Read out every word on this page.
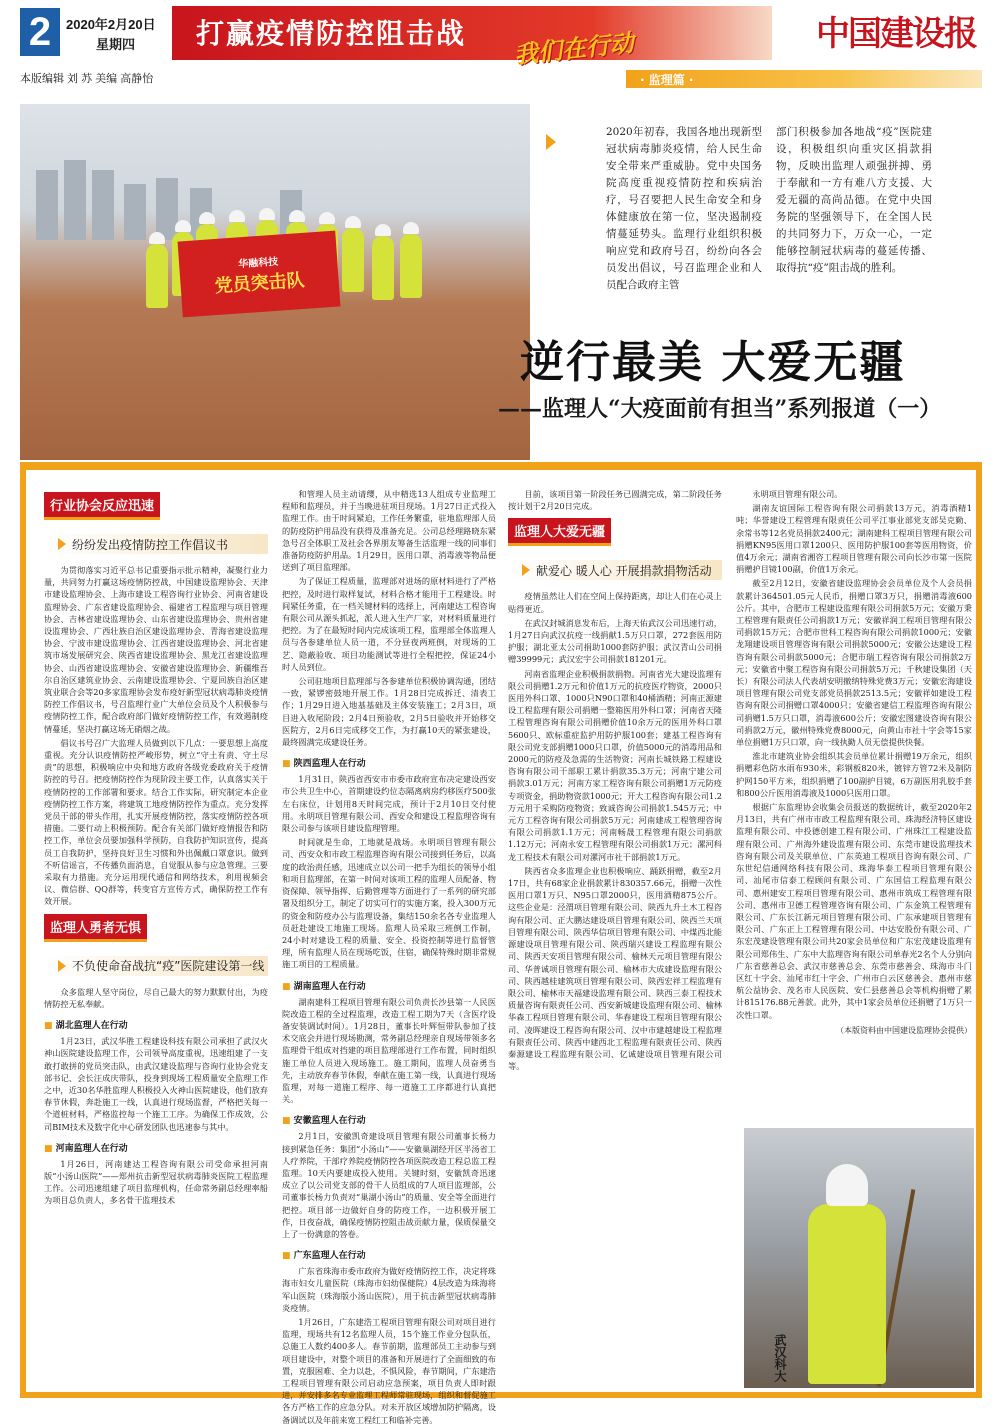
2	2020年2月20日
星期四 打赢疫情防控阻击战 我们在行动	中国建设报
本版编辑 刘 苏 美编 高静怡	· 监理篇 ·
华融科技
党员突击队
2020年初春，我国各地出现新型冠状病毒肺炎疫情，给人民生命安全带来严重威胁。党中央国务院高度重视疫情防控和疾病治疗，号召要把人民生命安全和身体健康放在第一位，坚决遏制疫情蔓延势头。监理行业组织积极响应党和政府号召，纷纷向各会员发出倡议，号召监理企业和人员配合政府主管
部门积极参加各地战“疫”医院建设，积极组织向重灾区捐款捐物，反映出监理人顽强拼搏、勇于奉献和一方有难八方支援、大爱无疆的高尚品德。在党中央国务院的坚强领导下，在全国人民的共同努力下，万众一心，一定能够控制冠状病毒的蔓延传播、取得抗“疫”阻击战的胜利。
逆行最美 大爱无疆
——监理人“大疫面前有担当”系列报道（一）
行业协会反应迅速
纷纷发出疫情防控工作倡议书

为贯彻落实习近平总书记重要指示批示精神，凝聚行业力量，共同努力打赢这场疫情防控战，中国建设监理协会、天津市建设监理协会、上海市建设工程咨询行业协会、河南省建设监理协会、广东省建设监理协会、福建省工程监理与项目管理协会、吉林省建设监理协会、山东省建设监理协会、贵州省建设监理协会、广西壮族自治区建设监理协会、青海省建设监理协会、宁波市建设监理协会、江西省建设监理协会、河北省建筑市场发展研究会、陕西省建设监理协会、黑龙江省建设监理协会、山西省建设监理协会、安徽省建设监理协会、新疆维吾尔自治区建筑业协会、云南建设监理协会、宁夏回族自治区建筑业联合会等20多家监理协会发布疫好新型冠状病毒肺炎疫情防控工作倡议书，号召监理行业广大单位会员及个人积极参与疫情防控工作，配合政府部门做好疫情防控工作，有效遏制疫情蔓延，坚决打赢这场无硝烟之战。

倡议书号召广大监理人员做到以下几点：一要思想上高度重视。充分认识疫情防控严峻形势，树立“守土有责、守土尽责”的思想，积极响应中央和地方政府各级党委政府关于疫情防控的号召。把疫情防控作为现阶段主要工作，认真落实关于疫情防控的工作部署和要求。结合工作实际，研究制定本企业疫情防控工作方案，将建筑工地疫情防控作为重点。充分发挥党员干部的带头作用，扎实开展疫情防控，落实疫情防控各项措施。二要行动上积极预防。配合有关部门做好疫情报告和防控工作，单位会员要加强科学预防，自我防护知识宣传，提高员工自我防护，坚持良好卫生习惯和外出佩戴口罩意识。做到不听信谣言，不传播负面消息，自觉服从参与应急管理。三要采取有力措施。充分运用现代通信和网络技术，利用视频会议、微信群、QQ群等，转变官方宣传方式，确保防控工作有效开展。

监理人勇者无惧
不负使命奋战抗“疫”医院建设第一线

众多监理人坚守岗位，尽自己最大的努力默默付出，为疫情防控无私奉献。

■ 湖北监理人在行动

1月23日，武汉华胜工程建设科技有限公司承担了武汉火神山医院建设监理工作，公司领导高度重视，迅速组建了一支敢打敢拼的党员突击队，由武汉建设监理与咨询行业协会党支部书记、会长汪成庆带队，投身到现场工程质量安全监理工作之中，近30名华胜监理人积极投入火神山医院建设，他们放弃春节休假，奔赴施工一线，认真进行现场监督，严格把关每一个道桩材料，严格监控每一个施工工序。为确保工作成效，公司BIM技术及数字化中心研发团队也迅速参与其中。

■ 河南监理人在行动

1月26日，河南建达工程咨询有限公司受命承担河南版“小汤山医院”——郑州抗击新型冠状病毒肺炎医院工程监理工作。公司迅速组建了项目监理机构，任命常务副总经理率船为项目总负责人，多名骨干监理技术

和管理人员主动请缨，从中精选13人组成专业监理工程师和监理员，并于当晚进驻项目现场。1月27日正式投入监理工作。由于时间紧迫，工作任务繁重，驻地监理部人员的防疫防护用品没有获得及准备充足。公司总经理路晓东紧急号召全体职工及社会各界朋友筹备生活监理一线的同事们准备防疫防护用品。1月29日，医用口罩、消毒液等物品便送到了项目监理部。

为了保证工程质量，监理部对进场的原材料进行了严格把控，及时进行取样复试，材料合格才能用于工程建设。时间紧任务重，在一档关键材料的选择上，河南建达工程咨询有限公司从源头抓起，派人进入生产厂家，对材料质量进行把控。为了在最短时间内完成该项工程，监理部全体监理人员与各参建单位人员一道，不分昼夜两班倒，对现场的工艺、隐蔽验收、项目功能测试等进行全程把控，保证24小时人员到位。

公司驻地项目监理部与各参建单位积极协调沟通，团结一致，紧锣密鼓地开展工作。1月28日完成拆迁、清表工作；1月29日进入地基基础及主体安装施工；2月3日，项目进入收尾阶段；2月4日预验收，2月5日验收并开始移交医院方，2月6日完成移交工作，为打赢10天的紧张建设，最终圆满完成建设任务。

■ 陕西监理人在行动

1月31日，陕西省西安市市委市政府宣布决定建设西安市公共卫生中心，首期建设约位态隔离病房约移医疗500张左右床位，计划用8天时间完成，预计于2月10日交付使用。永明项目管理有限公司、西安众和建设工程监理咨询有限公司参与该项目建设监理管理。

时间就是生命，工地就是战场。永明项目管理有限公司、西安众和市政工程监理咨询有限公司接到任务后，以高度的政治责任感，迅速成立以公司一把手为组长的领导小组和项目监理部，在第一时间对该项工程的监理人员配备、物资保障、领导指挥、后勤管理等方面进行了一系列的研究部署及组织分工，制定了切实可行的实施方案，投入300万元的资金和防疫办公与监理设备，集结150余名各专业监理人员赶赴建设工地施工现场。监理人员采取三班倒工作制，24小时对建设工程的质量、安全、投资控制等进行监督管理，所有监理人员在现场吃饭，住宿，确保特殊时期非常规施工项目的工程质量。

■ 湖南监理人在行动

湖南建科工程项目管理有限公司负责长沙县第一人民医院改造工程的全过程监理，改造工程工期为7天（含医疗设备安装调试时间）。1月28日，董事长叶辉恒带队参加了技术交底会并进行现场勘测，常务副总经理亲自现场带领多名监理骨干组成对挡建的项目监理部进行工作布置，同时组织施工单位人员进入现场施工。施工期间，监理人员奋勇当先，主动放弃春节休假，奉献在施工第一线，认真进行现场监理，对每一道施工程序、每一道施工工序都进行认真把关。

■ 安徽监理人在行动

2月1日，安徽凯奇建设项目管理有限公司董事长杨力接到紧急任务：集团“小汤山”——安徽巢湖经开区半汤省工人疗养院，干部疗养院疫情防控各项医院改造工程总监工程监理。10天内要建成投入使用。关键时刻，安徽凯奇迅速成立了以公司党支部的骨干人员组成的7人项目监理部，公司董事长杨力负责对“巢湖小汤山”的质量、安全等全面进行把控。项目部一边做好自身的防疫工作，一边积极开展工作，日夜奋战，确保疫情防控阻击战贡献力量，保质保量交上了一份满意的答卷。

■ 广东监理人在行动

广东省珠海市委市政府为做好疫情防控工作，决定将珠海市妇女儿童医院（珠海市妇幼保健院）4层改造为珠海将军山医院（珠海版小汤山医院），用于抗击新型冠状病毒肺炎疫情。

1月26日，广东建浩工程项目管理有限公司对项目进行监理，现场共有12名监理人员，15个施工作业分包队伍，总施工人数约400多人。春节前期，监理部员工主动参与到项目建设中，对整个项目的准备和开展进行了全面细致的布置，克服困难、全力以赴，不惧风险，春节期间，广东建浩工程项目管理有限公司启动应急预案，项目负责人即时跟进，并安排多名专业监理工程师常驻现场，组织和督促施工各方严格工作的应急分队。对未开放区域增加防护隔离，设备调试以及年前来宽工程红工和临补完善。

目前，该项目第一阶段任务已圆满完成，第二阶段任务按计划于2月20日完成。

监理人大爱无疆
献爱心 暖人心 开展捐款捐物活动

疫情虽然让人们在空间上保持距离，却让人们在心灵上贴得更近。

在武汉封城消息发布后，上海天佑武汉公司迅速行动，1月27日向武汉抗疫一线捐献1.5万只口罩，272套医用防护服；湖北亚太公司捐助1000套防护服；武汉青山公司捐赠39999元；武汉宏宇公司捐款181201元。

河南省监理企业积极捐款捐物。河南省光大建设监理有限公司捐赠1.2万元和价值1万元的抗疫医疗物资，2000只医用外科口罩、1000只N90口罩和40桶酒精；河南正源建设工程监理有限公司捐赠一整箱医用外科口罩；河南省天隆工程管理咨询有限公司捐赠价值10余万元的医用外科口罩5600只、欧标重症监护用防护服100套；建基工程咨询有限公司党支部捐赠1000只口罩，价值5000元的消毒用品和2000元的防疫及急需的生活物资；河南长城铁路工程建设咨询有限公司干部职工累计捐款35.3万元；河南宁建公司捐款3.01万元；河南方家工程咨询有限公司捐赠1万元防疫专项资金，捐助物资款1000元；开大工程咨询有限公司1.2万元用于采购防疫物资；致诚咨询公司捐款1.545万元；中元方工程咨询有限公司捐款5万元；河南建成工程管理咨询有限公司捐款1.1万元；河南畅晟工程管理有限公司捐款1.12万元；河南永安工程管理有限公司捐款1万元；漯河科龙工程技术有限公司对漯河市社干部捐款1万元。

陕西省众多监理企业也积极响应、踊跃捐赠，截至2月17日，共有68家企业捐款累计830357.66元，捐赠一次性医用口罩1万只、N95口罩2000只，医用酒精875公斤。这些企业是：泾渭项目管理有限公司、陕西九升土木工程咨询有限公司、正大鹏达建设项目管理有限公司、陕西兰天项目管理有限公司、陕西华信项目管理有限公司、中煤西北能源建设项目管理有限公司、陕西瑞兴建设工程监理有限公司、陕西天安项目管理有限公司、榆林天元项目管理有限公司、华普诚项目管理有限公司、榆林市大成建设监理有限公司、陕西越桂建筑项目管理有限公司、陕西宏祥工程监理有限公司、榆林市天福建设监理有限公司、陕西三泰工程技术质量咨询有限责任公司、西安新城建设监理有限公司、榆林华森工程项目管理有限公司、华春建设工程项目管理有限公司、凌晖建设工程咨询有限公司、汉中市建越建设工程监理有限责任公司、陕西中建西北工程监理有限责任公司、陕西秦源建设工程监理有限公司、亿诚建设项目管理有限公司等。

永明项目管理有限公司。

湖南友谊国际工程咨询有限公司捐款13万元，消毒酒精1吨；华誉建设工程管理有限责任公司平江事业部党支部吴克勤、余常书等12名党员捐款2400元；湖南建科工程项目管理有限公司捐赠KN95医用口罩1200只、医用防护服100套等医用物资，价值4万余元；湖南省湘咨工程项目管理有限公司向长沙市第一医院捐赠护目镜100副，价值1万余元。

截至2月12日，安徽省建设监理协会会员单位及个人会员捐款累计364501.05元人民币，捐赠口罩3万只，捐赠消毒液600公斤。其中，合肥市工程建设监理有限公司捐款5万元；安徽万秉工程管理有限责任公司捐款1万元；安徽祥润工程项目管理有限公司捐款15万元；合肥市世科工程咨询有限公司捐款1000元；安徽龙翔建设项目管理咨询有限公司捐款5000元；安徽公达建设工程咨询有限公司捐款5000元；合肥市瑞工程咨询有限公司捐款2万元；安徽省中聚工程咨询有限公司捐款5万元；千秋建设集团（天长）有限公司法人代表胡安明撤纳特殊党费3万元；安徽宏海建设项目管理有限公司党支部党员捐款2513.5元；安徽祥如建设工程咨询有限公司捐赠口罩4000只；安徽省建信工程监理咨询有限公司捐赠1.5万只口罩，消毒液600公斤；安徽宏图建设咨询有限公司捐款2万元，徽州特殊党费8000元，向黄山市社十字会等15家单位捐赠1万只口罩，向一线执勤人员无偿提供快餐。

淮北市建筑业协会组织其会员单位累计捐赠19万余元，组织捐赠彩色防水雨布930米，彩钢板820米，镀锌方管72米及制防护网150平方米，组织捐赠了100副护目镜，6万副医用乳胶手套和800公斤医用消毒液及1000只医用口罩。

根据广东监理协会收集会员报送的数据统计，截至2020年2月13日，共有广州市市政工程监理有限公司、珠海经济特区建设监理有限公司、中投德创建工程有限公司、广州珠江工程建设监理有限公司、广州海外建设监理有限公司、东莞市建设监理技术咨询有限公司及关联单位、广东英迪工程项目咨询有限公司、广东世纪信通网络科技有限公司、珠海华泰工程项目管理有限公司、汕尾市信泰工程顾问有限公司、广东国信工程监理有限公司、惠州建安工程项目管理有限公司、惠州市筑成工程管理有限公司、惠州市卫德工程管理咨询有限公司、广东金筑工程管理有限公司、广东长江新元项目管理有限公司、广东承建项目管理有限公司、广东正上工程管理有限公司、中达安股份有限公司、广东宏茂建设管理有限公司共20家会员单位和广东宏茂建设监理有限公司郑伟生、广东中大监理咨询有限公司单春光2名个人分别向广东省慈善总会、武汉市慈善总会、东莞市慈善会、珠海市斗门区红十字会、汕尾市红十字会、广州市白云区慈善会、惠州市慈航公益协会、茂名市人民医院、安仁县慈善总会等机构捐赠了累计815176.88元善款。此外，其中1家会员单位还捐赠了1万只一次性口罩。

（本版资料由中国建设监理协会提供）
武汉科大
